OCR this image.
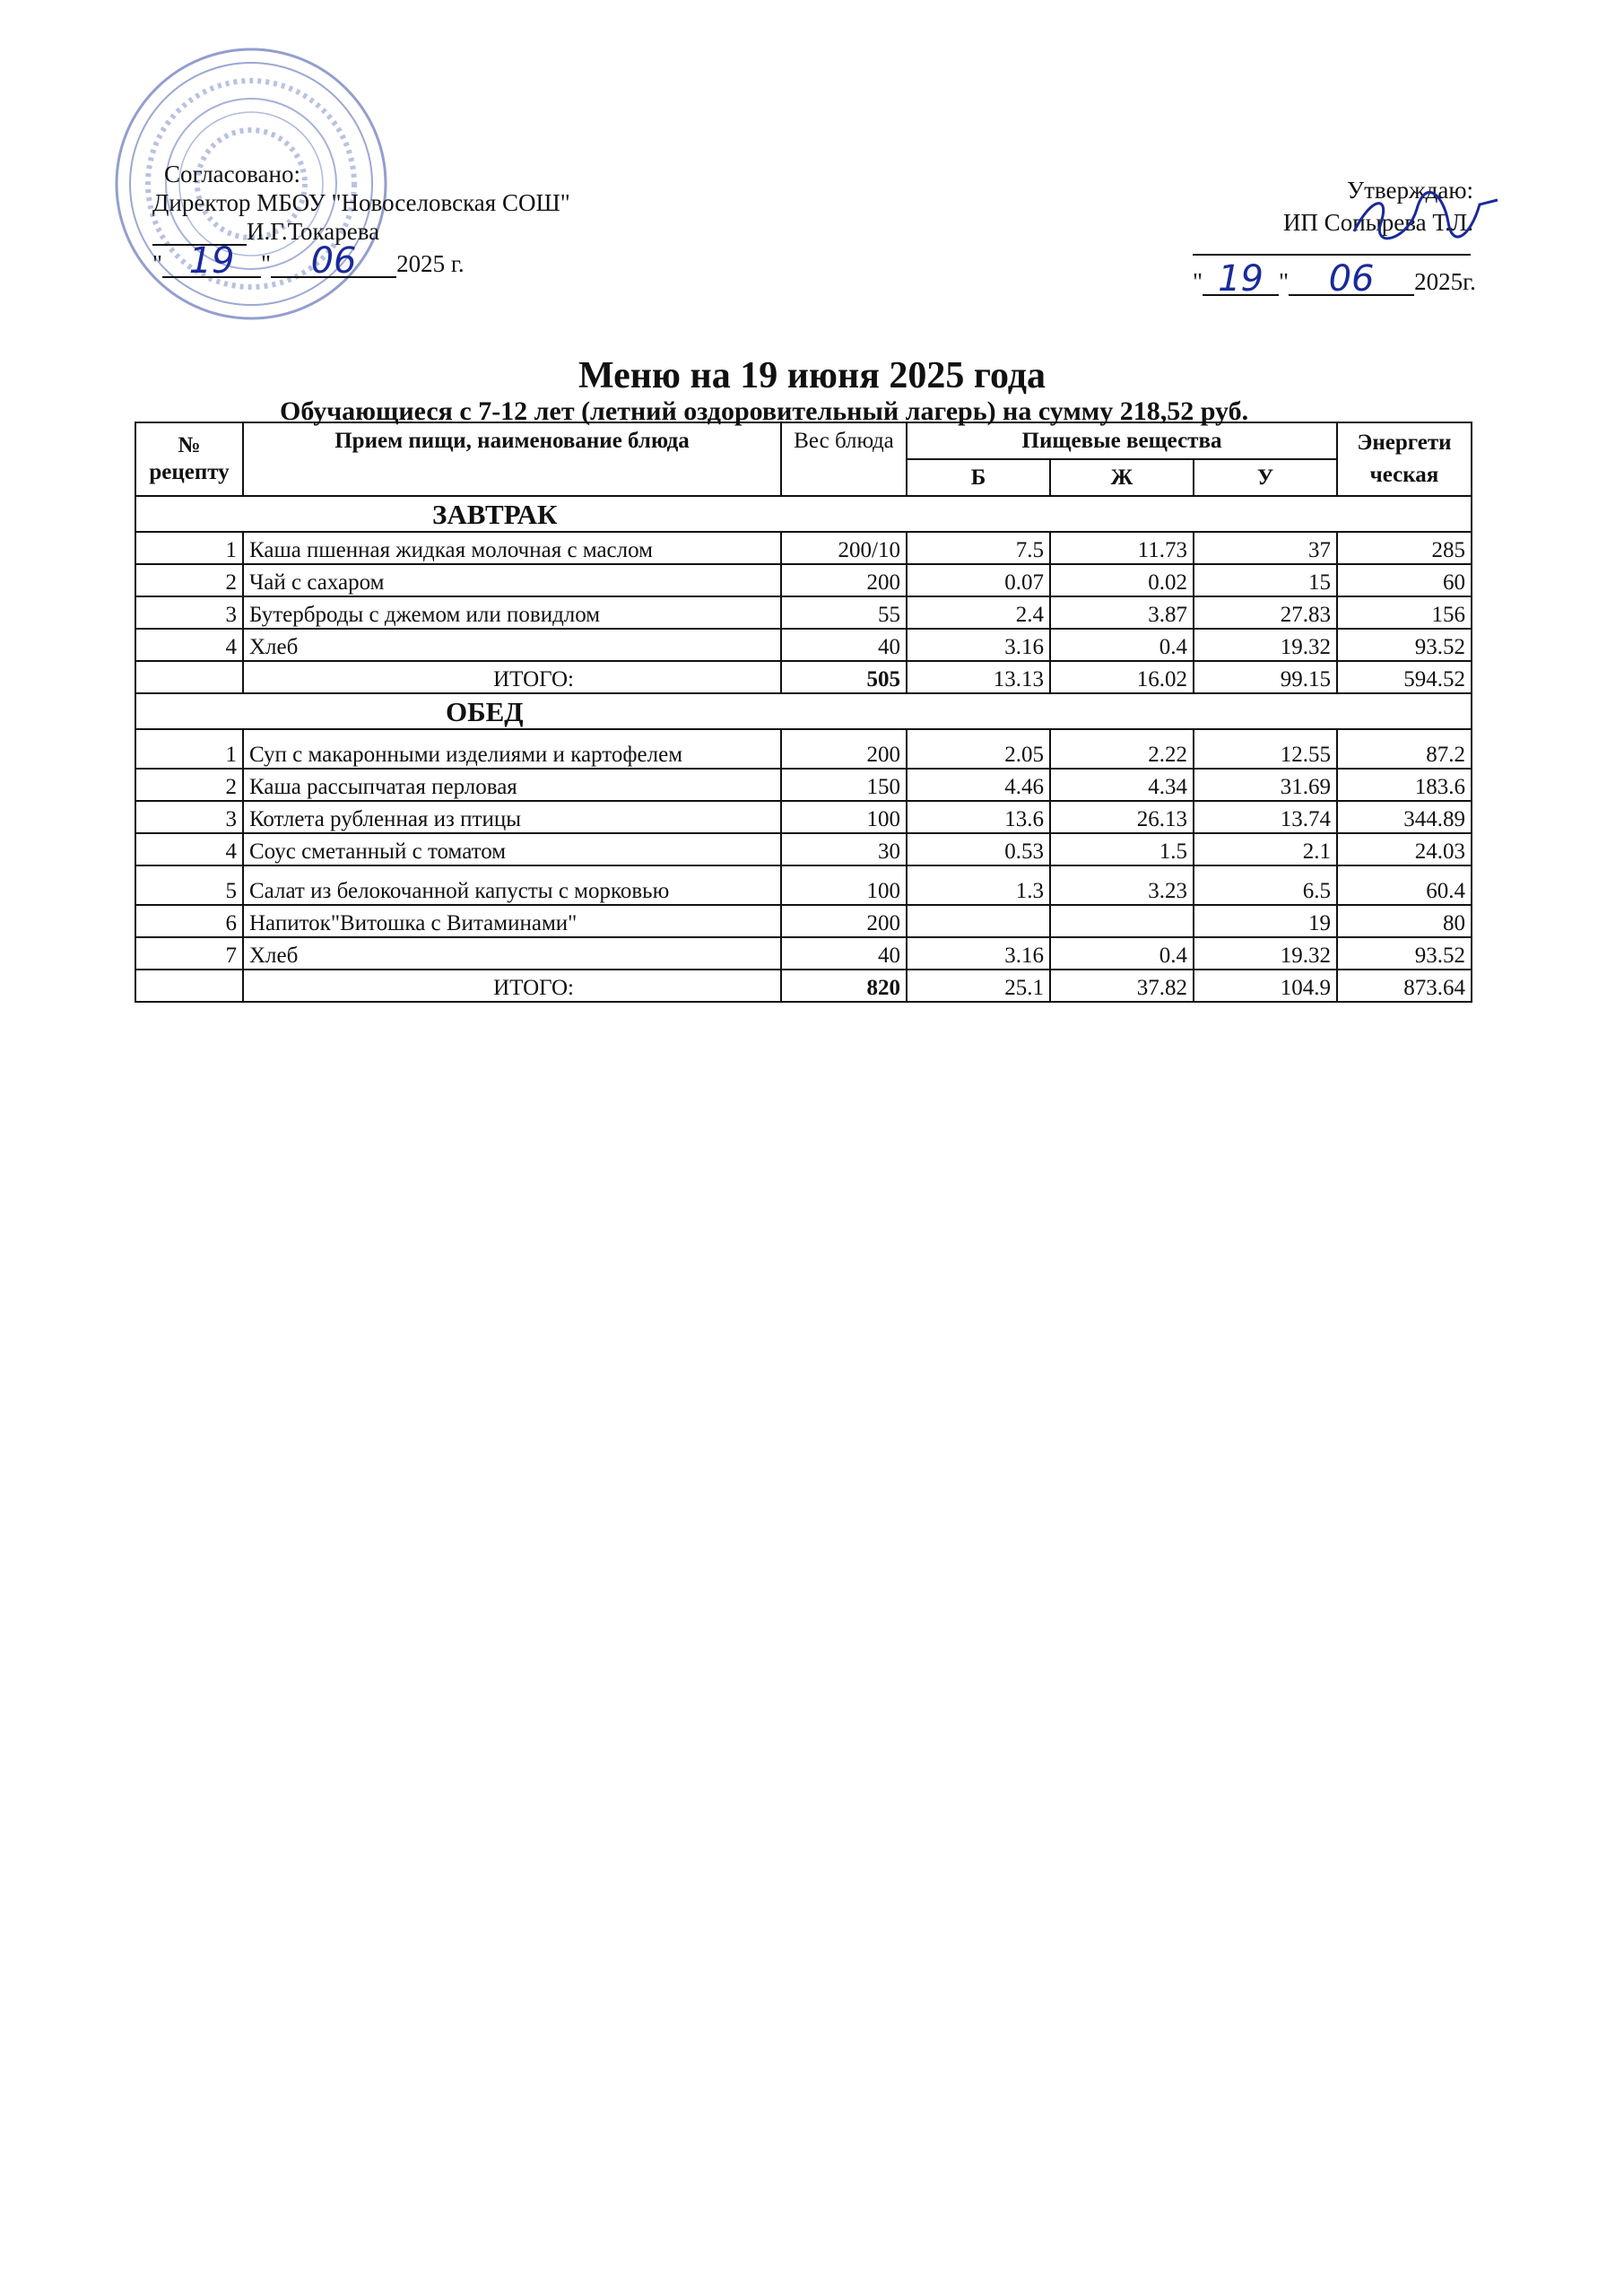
Согласовано:
Директор МБОУ "Новоселовская СОШ"
И.Г.Токарева
" 19 " 06 2025 г.
Утверждаю:
ИП Сопырева Т.Л.
" 19 " 06 2025г.
Меню на 19 июня 2025 года
Обучающиеся с 7-12 лет (летний оздоровительный лагерь) на сумму 218,52 руб.
№ рецепту	Прием пищи, наименование блюда	Вес блюда	Пищевые вещества			Энергети ческая
			Б	Ж	У	
ЗАВТРАК						
1	Каша пшенная жидкая молочная с маслом	200/10	7.5	11.73	37	285
2	Чай с сахаром	200	0.07	0.02	15	60
3	Бутерброды с джемом или повидлом	55	2.4	3.87	27.83	156
4	Хлеб	40	3.16	0.4	19.32	93.52
	ИТОГО:	505	13.13	16.02	99.15	594.52
ОБЕД						
1	Суп с макаронными изделиями и картофелем	200	2.05	2.22	12.55	87.2
2	Каша рассыпчатая перловая	150	4.46	4.34	31.69	183.6
3	Котлета рубленная из птицы	100	13.6	26.13	13.74	344.89
4	Соус сметанный с томатом	30	0.53	1.5	2.1	24.03
5	Салат из белокочанной капусты с морковью	100	1.3	3.23	6.5	60.4
6	Напиток"Витошка с Витаминами"	200			19	80
7	Хлеб	40	3.16	0.4	19.32	93.52
	ИТОГО:	820	25.1	37.82	104.9	873.64
